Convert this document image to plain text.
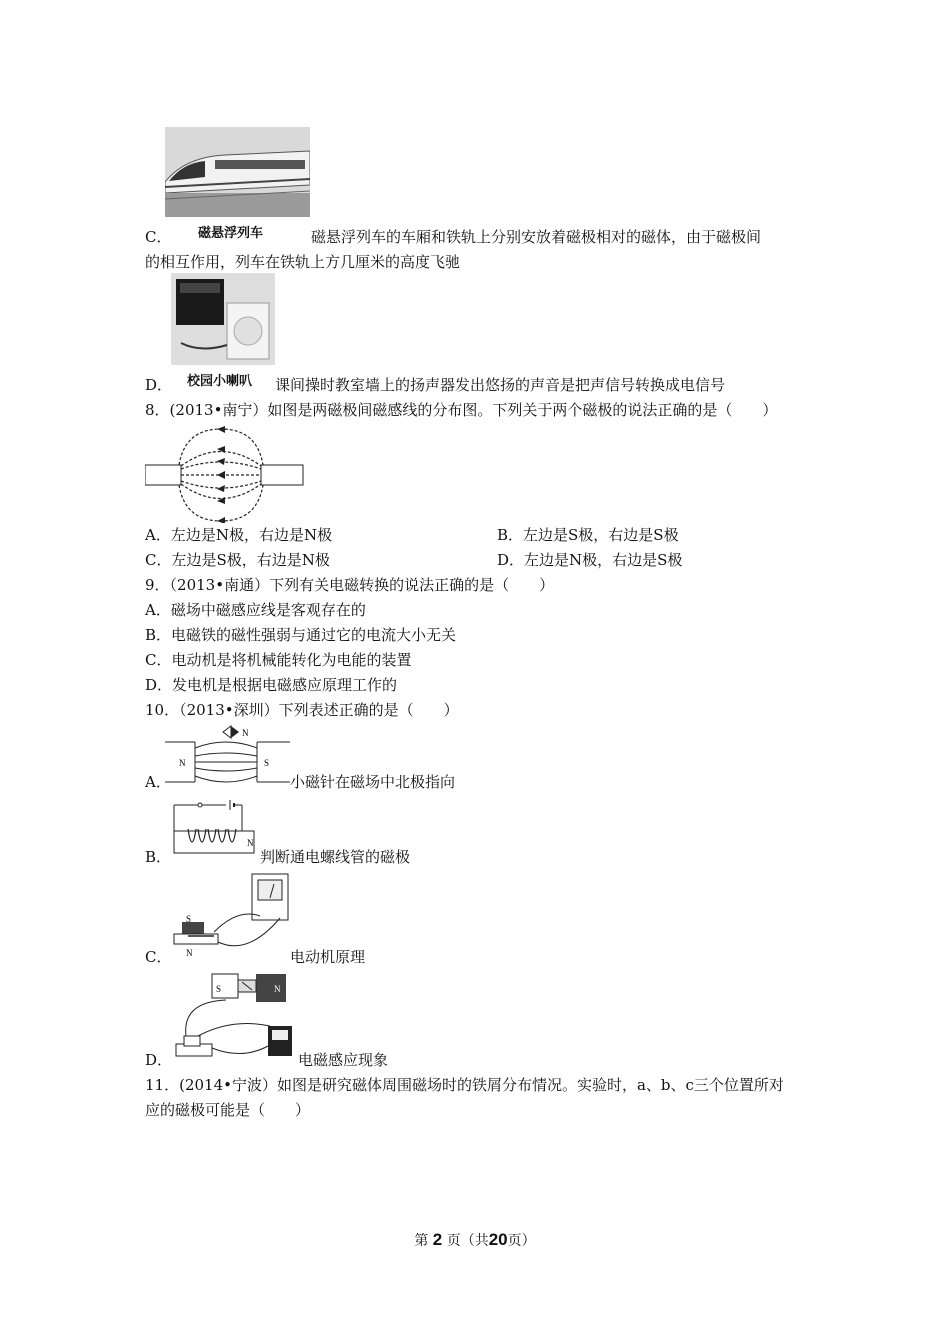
磁悬浮列车
C．	磁悬浮列车的车厢和铁轨上分别安放着磁极相对的磁体，由于磁极间
的相互作用，列车在铁轨上方几厘米的高度飞驰
校园小喇叭
D．	课间操时教室墙上的扬声器发出悠扬的声音是把声信号转换成电信号
8．(2013•南宁）如图是两磁极间磁感线的分布图。下列关于两个磁极的说法正确的是（　　）
A．左边是N极，右边是N极	B．左边是S极，右边是S极
C．左边是S极，右边是N极	D．左边是N极，右边是S极
9．（2013•南通）下列有关电磁转换的说法正确的是（　　）
A．磁场中磁感应线是客观存在的
B．电磁铁的磁性强弱与通过它的电流大小无关
C．电动机是将机械能转化为电能的装置
D．发电机是根据电磁感应原理工作的
10．（2013•深圳）下列表述正确的是（　　）
N
N	S
A．	小磁针在磁场中北极指向
N
B．	判断通电螺线管的磁极
S
N
C．	电动机原理
S	N
D．	电磁感应现象
11．(2014•宁波）如图是研究磁体周围磁场时的铁屑分布情况。实验时，a、b、c三个位置所对
应的磁极可能是（　　）
第 2 页（共20页）
